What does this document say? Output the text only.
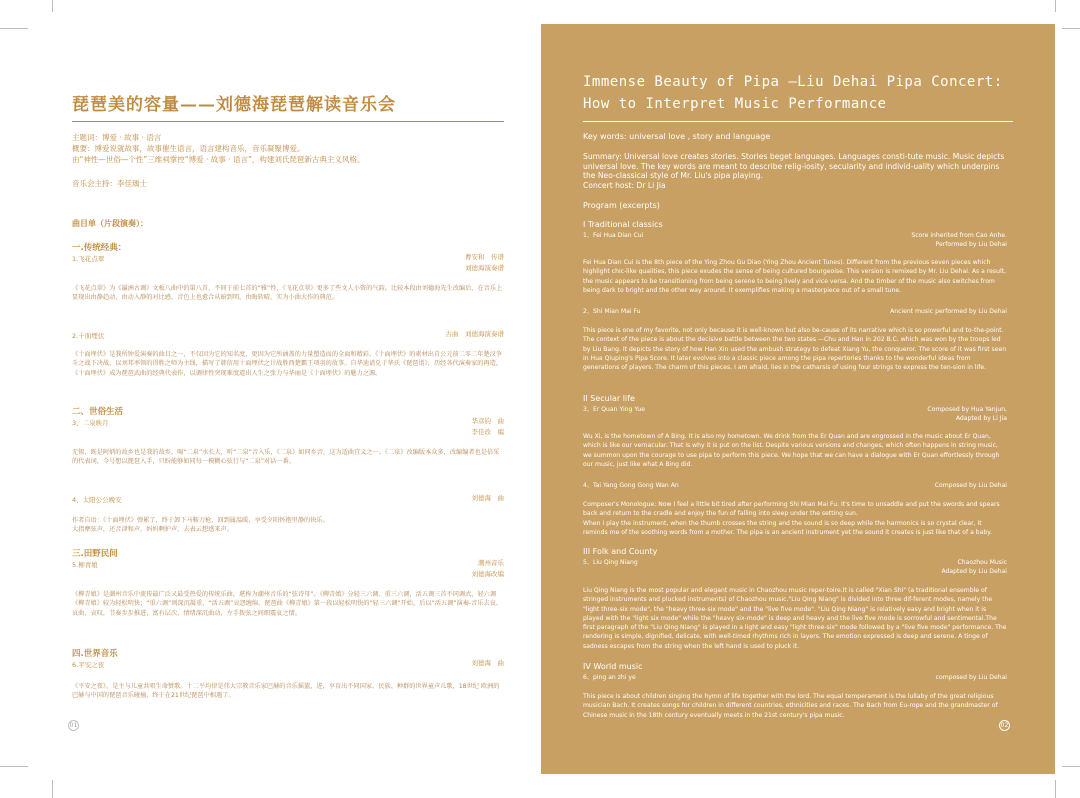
琵琶美的容量——刘德海琵琶解读音乐会
主题词：博爱 · 故事 · 语言
概要：博爱说就故事，故事催生语言，语言建构音乐，音乐凝聚博爱。
由“神性—世俗—个性”三维祠掌控“博爱 · 故事 · 语言”，构建刘氏琵琶新古典主义风格。
音乐会主持：李佳瑀士
曲目单（片段演奏）：
一.传统经典：
1.飞花点翠	曹安和　传谱
刘德海演奏谱
《飞花点翠》为《瀛洲古调》文板八曲中的第八首，不同于前七首的“雅”性，《飞花点翠》更多了些文人小资的气韵。比较本段由刘德海先生改编后，在音乐上显现出由静趋动，由动入静的对比感，音色上也愈合从暗到明，由晦转晴，实为小曲大作的典范。
2.十面埋伏	古曲　刘德海演奏谱
《十面埋伏》是我所钟爱演奏的曲目之一，不仅因为它的知名度，更因为它所涵盖的力量塑造而的全面和精彩。《十面埋伏》的素材出自公元前二零二年楚汉争斗之战下决战，以刘邦率领的得胜之师为主线，描写了韩信用十面埋伏之计战胜西楚霸王项羽的故事。自华迪谱兑于华氏《琵琶谱》，历经各代演奏家的再造，《十面埋伏》成为琵琶武曲的经典代表作，以调律性突现难度道出人生之张力与华丽是《十面埋伏》的魅力之源。
二、世俗生活
3、二泉映月	华彦钧　曲
李佳改　编
无锡，既是阿炳的故乡也是我的故乡。喝“二泉”水长大，听“二泉”音入乐，《二泉》如同乡音，这为适曲宜义之一。《二泉》改编版本众多，改编编者也是倍采的代表词，今号想以琵琶入手，只盼能够如同每一模糊心弦行与“二泉”对话一番。
4、太阳公公晚安	刘德海　曲
作者自语：《十面埋伏》弹累了，终于卸下马鞍刀枪，回到属温暖，享受夕阳怀抱里静的快乐。
大指摩弦声，还音津和声，妈妈啊护声，去表云想感来声。
三.田野民间
5.柳青娘	潮州音乐
刘德海改编
《柳青娘》是潮州音乐中流传最广泛又最受热爱的传统乐曲，堪称为潮州音乐的“弦诗母”。《柳青娘》分轻三六调、重三六调，活五调三首不同调式，轻六调《柳青娘》较为轻松明快；“重六调”则深沉凝重，“活五调”哀怨缠绵。琵琶曲《柳青娘》第一段以轻松明快的“轻三六调”开始，后以“活五调”演奏-音乐去哀、哀曲、哀叹，节奏步步推进，富有层次，情绪深沉曲动，左手拨弦之间细震哀之情。
四.世界音乐
6.平安之夜	刘德海　曲
《平安之夜》，是主与儿童共唱生命赞歌。十二平均律是伟大宗教音乐家巴赫的音乐摇篮，进，享育出不同国家、民族、种群的世界童声儿歌，18世纪 欧洲的巴赫与中国的琵琶音乐碰撞，终于在21世纪琵琶中相遇了。
01
Immense Beauty of Pipa —Liu Dehai Pipa Concert:
How to Interpret Music Performance
Key words: universal love , story and language
Summary: Universal love creates stories. Stories beget languages. Languages consti-tute music. Music depicts universal love. The key words are meant to describe relig-iosity, secularity and individ-uality which underpins the Neo-classical style of Mr. Liu's pipa playing.
Concert host: Dr Li Jia
Program (excerpts)
I Traditional classics
1、Fei Hua Dian Cui	Score inherited from Cao Anhe.
Performed by Liu Dehai
Fei Hua Dian Cui is the 8th piece of the Ying Zhou Gu Diao (Ying Zhou Ancient Tunes). Different from the previous seven pieces which highlight chic-like qualities, this piece exudes the sense of being cultured bourgeoise. This version is remixed by Mr. Liu Dehai. As a result, the music appears to be transitioning from being serene to being lively and vice versa. And the timber of the music also switches from being dark to bright and the other way around. It exemplifies making a masterpiece out of a small tune.
2、Shi Mian Mai Fu	Ancient music performed by Liu Dehai
This piece is one of my favorite, not only because it is well-known but also be-cause of its narrative which is so powerful and to-the-point. The context of the piece is about the decisive battle between the two states —Chu and Han in 202 B.C. which was won by the troops led by Liu Bang. It depicts the story of how Han Xin used the ambush strategy to defeat Xiang Yu, the conqueror. The score of it was first seen in Hua Qiuping's Pipa Score. It later evolves into a classic piece among the pipa repertories thanks to the wonderful ideas from generations of players. The charm of this pieces, I am afraid, lies in the catharsis of using four strings to express the ten-sion in life.
II Secular life
3、Er Quan Ying Yue	Composed by Hua Yanjun,
Adapted by Li Jia
Wu Xi, is the hometown of A Bing. It is also my hometown. We drink from the Er Quan and are engrossed in the music about Er Quan, which is like our vernacular. That is why it is put on the list. Despite various versions and changes, which often happens in string music, we summon upon the courage to use pipa to perform this piece. We hope that we can have a dialogue with Er Quan effortlessly through our music, just like what A Bing did.
4、Tai Yang Gong Gong Wan An	Composed by Liu Dehai
Composer's Monologue: Now I feel a little bit tired after performing Shi Mian Mai Fu. It's time to unsaddle and put the swords and spears back and return to the cradle and enjoy the fun of falling into sleep under the setting sun.
When I play the instrument, when the thumb crosses the string and the sound is so deep while the harmonics is so crystal clear, it reminds me of the soothing words from a mother. The pipa is an ancient instrument yet the sound it creates is just like that of a baby.
III Folk and County
5、Liu Qing Niang	Chaozhou Music
Adapted by Liu Dehai
Liu Qing Niang is the most popular and elegant music in Chaozhou music reper-toire.It is called "Xian Shi" (a traditional ensemble of stringed instruments and plucked instruments) of Chaozhou music."Liu Qing Niang" is divided into three dif-ferent modes, namely the "light three-six mode", the "heavy three-six mode" and the "live five mode". "Liu Qing Niang" is relatively easy and bright when it is played with the "light six mode" while the "heavy six-mode" is deep and heavy and the live five mode is sorrowful and sentimental.The first paragraph of the "Liu Qing Niang" is played in a light and easy "light three-six" mode followed by a "live five mode" performance. The rendering is simple, dignified, delicate, with well-timed rhythms rich in layers. The emotion expressed is deep and serene. A tinge of sadness escapes from the string when the left hand is used to pluck it.
IV World music
6、ping an zhi ye	composed by Liu Dehai
This piece is about children singing the hymn of life together with the lord. The equal temperament is the lullaby of the great religious musician Bach. It creates songs for children in different countries, ethnicities and races. The Bach from Eu-rope and the grandmaster of Chinese music in the 18th century eventually meets in the 21st century's pipa music.
02
